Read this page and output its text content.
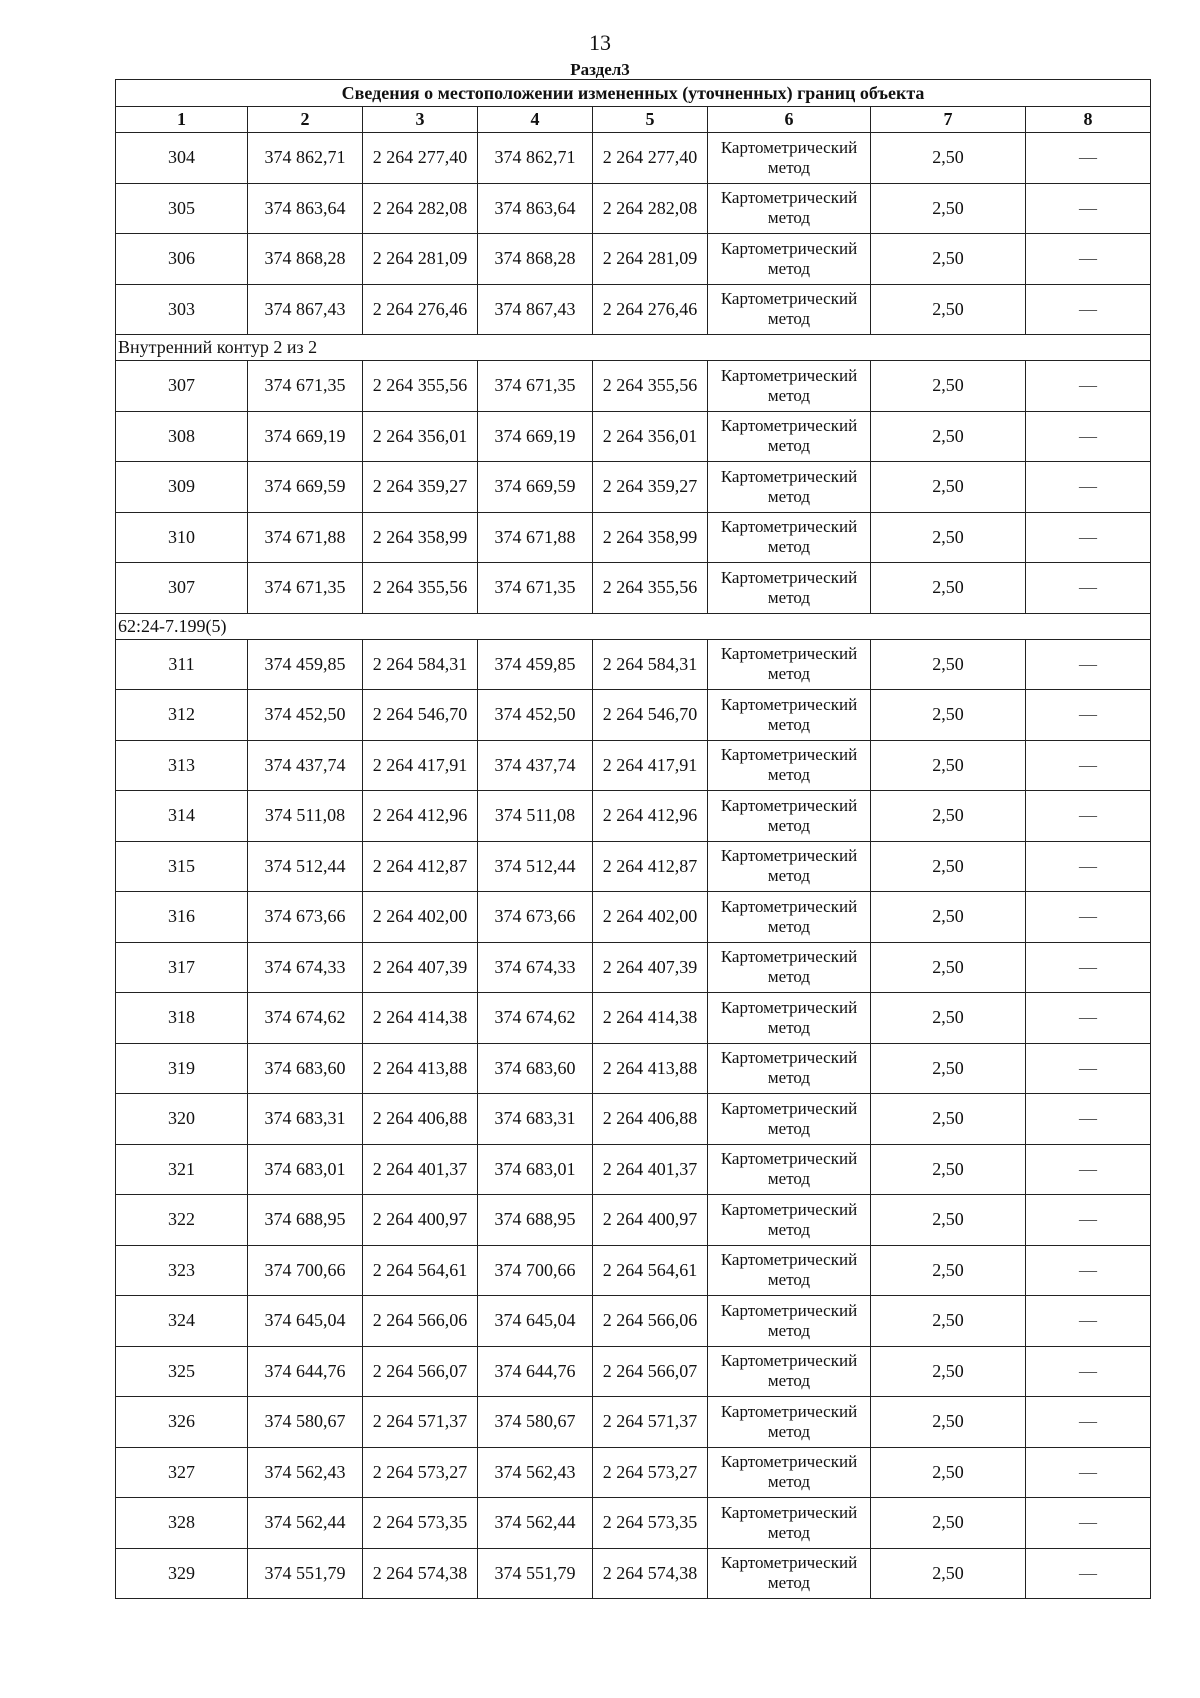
13
Раздел3
Сведения о местоположении измененных (уточненных) границ объекта							
1	2	3	4	5	6	7	8
304	374 862,71	2 264 277,40	374 862,71	2 264 277,40	Картометрический метод	2,50	—
305	374 863,64	2 264 282,08	374 863,64	2 264 282,08	Картометрический метод	2,50	—
306	374 868,28	2 264 281,09	374 868,28	2 264 281,09	Картометрический метод	2,50	—
303	374 867,43	2 264 276,46	374 867,43	2 264 276,46	Картометрический метод	2,50	—
Внутренний контур 2 из 2							
307	374 671,35	2 264 355,56	374 671,35	2 264 355,56	Картометрический метод	2,50	—
308	374 669,19	2 264 356,01	374 669,19	2 264 356,01	Картометрический метод	2,50	—
309	374 669,59	2 264 359,27	374 669,59	2 264 359,27	Картометрический метод	2,50	—
310	374 671,88	2 264 358,99	374 671,88	2 264 358,99	Картометрический метод	2,50	—
307	374 671,35	2 264 355,56	374 671,35	2 264 355,56	Картометрический метод	2,50	—
62:24-7.199(5)							
311	374 459,85	2 264 584,31	374 459,85	2 264 584,31	Картометрический метод	2,50	—
312	374 452,50	2 264 546,70	374 452,50	2 264 546,70	Картометрический метод	2,50	—
313	374 437,74	2 264 417,91	374 437,74	2 264 417,91	Картометрический метод	2,50	—
314	374 511,08	2 264 412,96	374 511,08	2 264 412,96	Картометрический метод	2,50	—
315	374 512,44	2 264 412,87	374 512,44	2 264 412,87	Картометрический метод	2,50	—
316	374 673,66	2 264 402,00	374 673,66	2 264 402,00	Картометрический метод	2,50	—
317	374 674,33	2 264 407,39	374 674,33	2 264 407,39	Картометрический метод	2,50	—
318	374 674,62	2 264 414,38	374 674,62	2 264 414,38	Картометрический метод	2,50	—
319	374 683,60	2 264 413,88	374 683,60	2 264 413,88	Картометрический метод	2,50	—
320	374 683,31	2 264 406,88	374 683,31	2 264 406,88	Картометрический метод	2,50	—
321	374 683,01	2 264 401,37	374 683,01	2 264 401,37	Картометрический метод	2,50	—
322	374 688,95	2 264 400,97	374 688,95	2 264 400,97	Картометрический метод	2,50	—
323	374 700,66	2 264 564,61	374 700,66	2 264 564,61	Картометрический метод	2,50	—
324	374 645,04	2 264 566,06	374 645,04	2 264 566,06	Картометрический метод	2,50	—
325	374 644,76	2 264 566,07	374 644,76	2 264 566,07	Картометрический метод	2,50	—
326	374 580,67	2 264 571,37	374 580,67	2 264 571,37	Картометрический метод	2,50	—
327	374 562,43	2 264 573,27	374 562,43	2 264 573,27	Картометрический метод	2,50	—
328	374 562,44	2 264 573,35	374 562,44	2 264 573,35	Картометрический метод	2,50	—
329	374 551,79	2 264 574,38	374 551,79	2 264 574,38	Картометрический метод	2,50	—
